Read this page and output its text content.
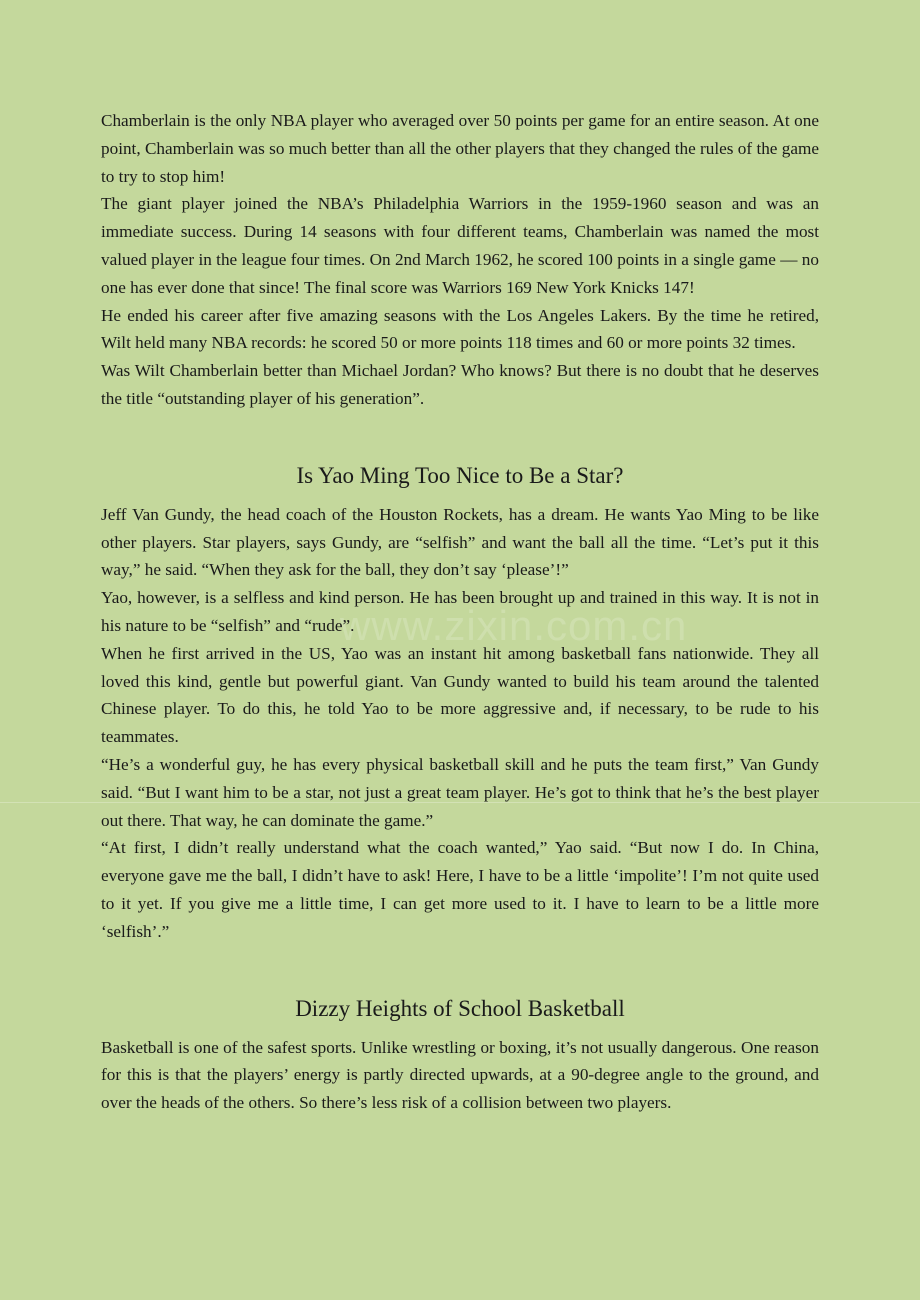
www.zixin.com.cn

Chamberlain is the only NBA player who averaged over 50 points per game for an entire season. At one point, Chamberlain was so much better than all the other players that they changed the rules of the game to try to stop him!

The giant player joined the NBA’s Philadelphia Warriors in the 1959-1960 season and was an immediate success. During 14 seasons with four different teams, Chamberlain was named the most valued player in the league four times. On 2nd March 1962, he scored 100 points in a single game — no one has ever done that since! The final score was Warriors 169 New York Knicks 147!

He ended his career after five amazing seasons with the Los Angeles Lakers. By the time he retired, Wilt held many NBA records: he scored 50 or more points 118 times and 60 or more points 32 times.

Was Wilt Chamberlain better than Michael Jordan? Who knows? But there is no doubt that he deserves the title “outstanding player of his generation”.

Is Yao Ming Too Nice to Be a Star?

Jeff Van Gundy, the head coach of the Houston Rockets, has a dream. He wants Yao Ming to be like other players. Star players, says Gundy, are “selfish” and want the ball all the time. “Let’s put it this way,” he said. “When they ask for the ball, they don’t say ‘please’!”

Yao, however, is a selfless and kind person. He has been brought up and trained in this way. It is not in his nature to be “selfish” and “rude”.

When he first arrived in the US, Yao was an instant hit among basketball fans nationwide. They all loved this kind, gentle but powerful giant. Van Gundy wanted to build his team around the talented Chinese player. To do this, he told Yao to be more aggressive and, if necessary, to be rude to his teammates.

“He’s a wonderful guy, he has every physical basketball skill and he puts the team first,” Van Gundy said. “But I want him to be a star, not just a great team player. He’s got to think that he’s the best player out there. That way, he can dominate the game.”

“At first, I didn’t really understand what the coach wanted,” Yao said. “But now I do. In China, everyone gave me the ball, I didn’t have to ask! Here, I have to be a little ‘impolite’! I’m not quite used to it yet. If you give me a little time, I can get more used to it. I have to learn to be a little more ‘selfish’.”

Dizzy Heights of School Basketball

Basketball is one of the safest sports. Unlike wrestling or boxing, it’s not usually dangerous. One reason for this is that the players’ energy is partly directed upwards, at a 90-degree angle to the ground, and over the heads of the others. So there’s less risk of a collision between two players.
